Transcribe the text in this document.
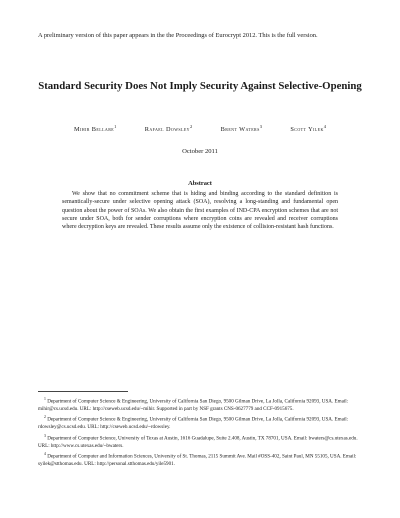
A preliminary version of this paper appears in the the Proceedings of Eurocrypt 2012. This is the full version.
Standard Security Does Not Imply Security Against Selective-Opening
Mihir Bellare$^1$	Rafael Dowsley$^2$	Brent Waters$^3$	Scott Yilek$^4$
October 2011
Abstract
We show that no commitment scheme that is hiding and binding according to the standard definition is semantically-secure under selective opening attack (SOA), resolving a long-standing and fundamental open question about the power of SOAs. We also obtain the first examples of IND-CPA encryption schemes that are not secure under SOA, both for sender corruptions where encryption coins are revealed and receiver corruptions where decryption keys are revealed. These results assume only the existence of collision-resistant hash functions.
$^1$ Department of Computer Science & Engineering, University of California San Diego, 9500 Gilman Drive, La Jolla, California 92093, USA. Email: mihir@cs.ucsd.edu. URL: http://cseweb.ucsd.edu/~mihir. Supported in part by NSF grants CNS-0627779 and CCF-0915675.
$^2$ Department of Computer Science & Engineering, University of California San Diego, 9500 Gilman Drive, La Jolla, California 92093, USA. Email: rdowsley@cs.ucsd.edu. URL: http://cseweb.ucsd.edu/~rdowsley.
$^3$ Department of Computer Science, University of Texas at Austin, 1616 Guadalupe, Suite 2.408, Austin, TX 78701, USA. Email: bwaters@cs.utexas.edu. URL: http://www.cs.utexas.edu/~bwaters.
$^4$ Department of Computer and Information Sciences, University of St. Thomas, 2115 Summit Ave. Mail #OSS-402, Saint Paul, MN 55105, USA. Email: syilek@stthomas.edu. URL: http://personal.stthomas.edu/yile5901.
